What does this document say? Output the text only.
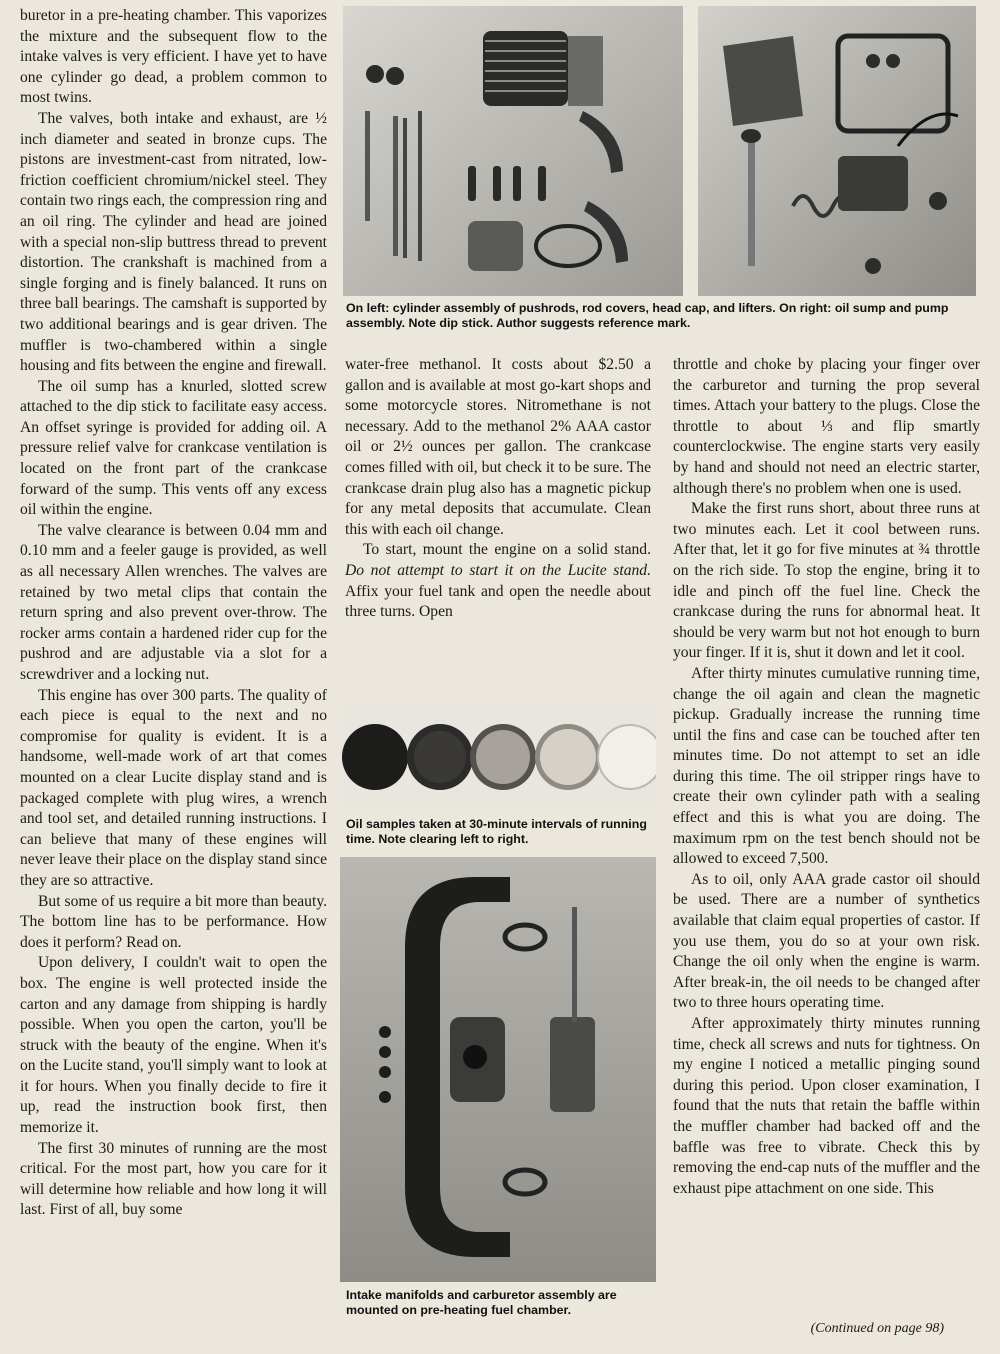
buretor in a pre-heating chamber. This vaporizes the mixture and the subsequent flow to the intake valves is very efficient. I have yet to have one cylinder go dead, a problem common to most twins.

The valves, both intake and exhaust, are ½ inch diameter and seated in bronze cups. The pistons are investment-cast from nitrated, low-friction coefficient chromium/nickel steel. They contain two rings each, the compression ring and an oil ring. The cylinder and head are joined with a special non-slip buttress thread to prevent distortion. The crankshaft is machined from a single forging and is finely balanced. It runs on three ball bearings. The camshaft is supported by two additional bearings and is gear driven. The muffler is two-chambered within a single housing and fits between the engine and firewall.

The oil sump has a knurled, slotted screw attached to the dip stick to facilitate easy access. An offset syringe is provided for adding oil. A pressure relief valve for crankcase ventilation is located on the front part of the crankcase forward of the sump. This vents off any excess oil within the engine.

The valve clearance is between 0.04 mm and 0.10 mm and a feeler gauge is provided, as well as all necessary Allen wrenches. The valves are retained by two metal clips that contain the return spring and also prevent over-throw. The rocker arms contain a hardened rider cup for the pushrod and are adjustable via a slot for a screwdriver and a locking nut.

This engine has over 300 parts. The quality of each piece is equal to the next and no compromise for quality is evident. It is a handsome, well-made work of art that comes mounted on a clear Lucite display stand and is packaged complete with plug wires, a wrench and tool set, and detailed running instructions. I can believe that many of these engines will never leave their place on the display stand since they are so attractive.

But some of us require a bit more than beauty. The bottom line has to be performance. How does it perform? Read on.

Upon delivery, I couldn't wait to open the box. The engine is well protected inside the carton and any damage from shipping is hardly possible. When you open the carton, you'll be struck with the beauty of the engine. When it's on the Lucite stand, you'll simply want to look at it for hours. When you finally decide to fire it up, read the instruction book first, then memorize it.

The first 30 minutes of running are the most critical. For the most part, how you care for it will determine how reliable and how long it will last. First of all, buy some

On left: cylinder assembly of pushrods, rod covers, head cap, and lifters. On right: oil sump and pump assembly. Note dip stick. Author suggests reference mark.

water-free methanol. It costs about $2.50 a gallon and is available at most go-kart shops and some motorcycle stores. Nitromethane is not necessary. Add to the methanol 2% AAA castor oil or 2½ ounces per gallon. The crankcase comes filled with oil, but check it to be sure. The crankcase drain plug also has a magnetic pickup for any metal deposits that accumulate. Clean this with each oil change.

To start, mount the engine on a solid stand. Do not attempt to start it on the Lucite stand. Affix your fuel tank and open the needle about three turns. Open

Oil samples taken at 30-minute intervals of running time. Note clearing left to right.
Intake manifolds and carburetor assembly are mounted on pre-heating fuel chamber.

throttle and choke by placing your finger over the carburetor and turning the prop several times. Attach your battery to the plugs. Close the throttle to about ⅓ and flip smartly counterclockwise. The engine starts very easily by hand and should not need an electric starter, although there's no problem when one is used.

Make the first runs short, about three runs at two minutes each. Let it cool between runs. After that, let it go for five minutes at ¾ throttle on the rich side. To stop the engine, bring it to idle and pinch off the fuel line. Check the crankcase during the runs for abnormal heat. It should be very warm but not hot enough to burn your finger. If it is, shut it down and let it cool.

After thirty minutes cumulative running time, change the oil again and clean the magnetic pickup. Gradually increase the running time until the fins and case can be touched after ten minutes time. Do not attempt to set an idle during this time. The oil stripper rings have to create their own cylinder path with a sealing effect and this is what you are doing. The maximum rpm on the test bench should not be allowed to exceed 7,500.

As to oil, only AAA grade castor oil should be used. There are a number of synthetics available that claim equal properties of castor. If you use them, you do so at your own risk. Change the oil only when the engine is warm. After break-in, the oil needs to be changed after two to three hours operating time.

After approximately thirty minutes running time, check all screws and nuts for tightness. On my engine I noticed a metallic pinging sound during this period. Upon closer examination, I found that the nuts that retain the baffle within the muffler chamber had backed off and the baffle was free to vibrate. Check this by removing the end-cap nuts of the muffler and the exhaust pipe attachment on one side. This

(Continued on page 98)
